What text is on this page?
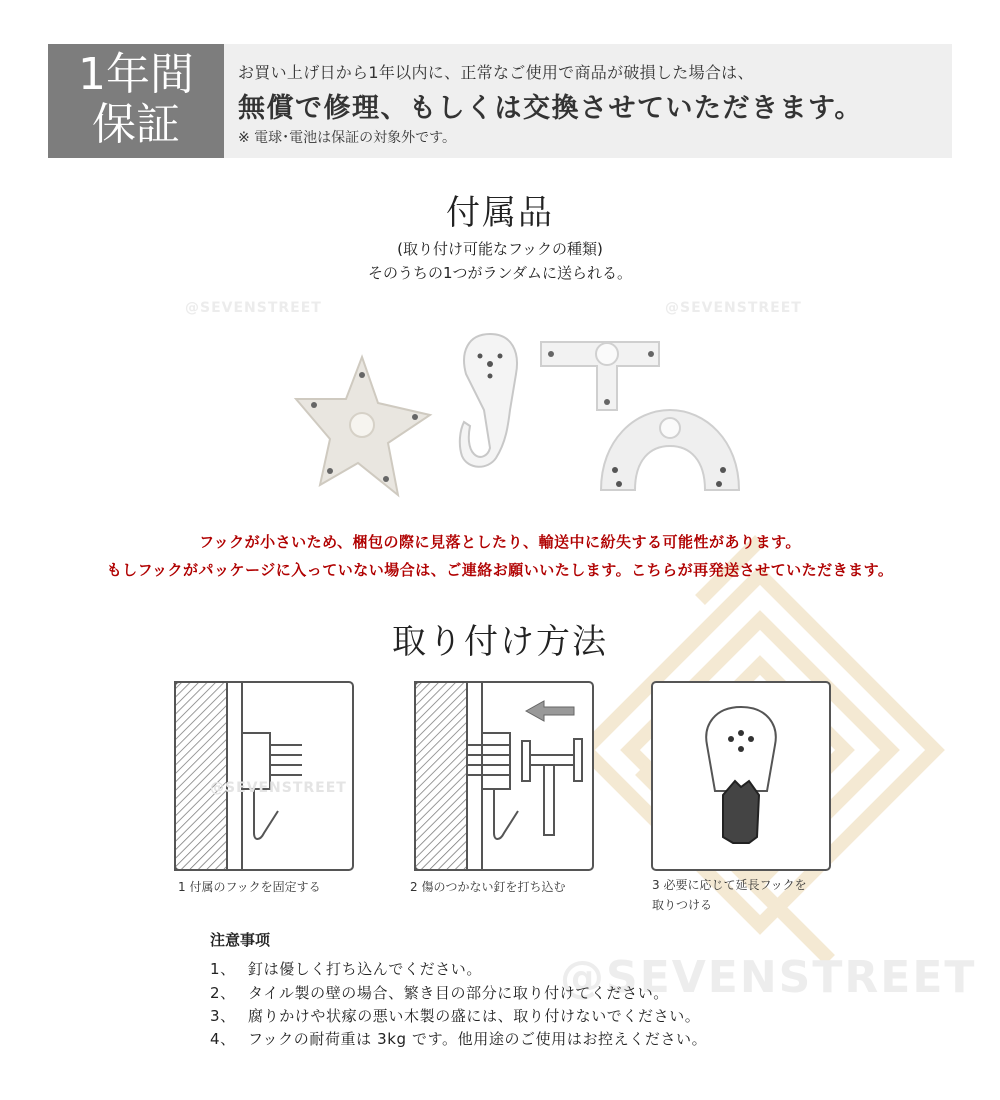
1年間
保証
お買い上げ日から1年以内に、正常なご使用で商品が破損した場合は、
無償で修理、もしくは交換させていただきます。
※ 電球･電池は保証の対象外です。
付属品
(取り付け可能なフックの種類)
そのうちの1つがランダムに送られる。
@SEVENSTREET	@SEVENSTREET
フックが小さいため、梱包の際に見落としたり、輸送中に紛失する可能性があります。
もしフックがパッケージに入っていない場合は、ご連絡お願いいたします。こちらが再発送させていただきます。
取り付け方法
@SEVENSTREET
1 付属のフックを固定する	2 傷のつかない釘を打ち込む	3 必要に応じて延長フックを
取りつける
@SEVENSTREET
注意事项
1、 釘は優しく打ち込んでください。
2、 タイル製の壁の場合、繁き目の部分に取り付けてください。
3、 腐りかけや状瘃の悪い木製の盛には、取り付けないでください。
4、 フックの耐荷重は 3kg です。他用途のご使用はお控えください。
